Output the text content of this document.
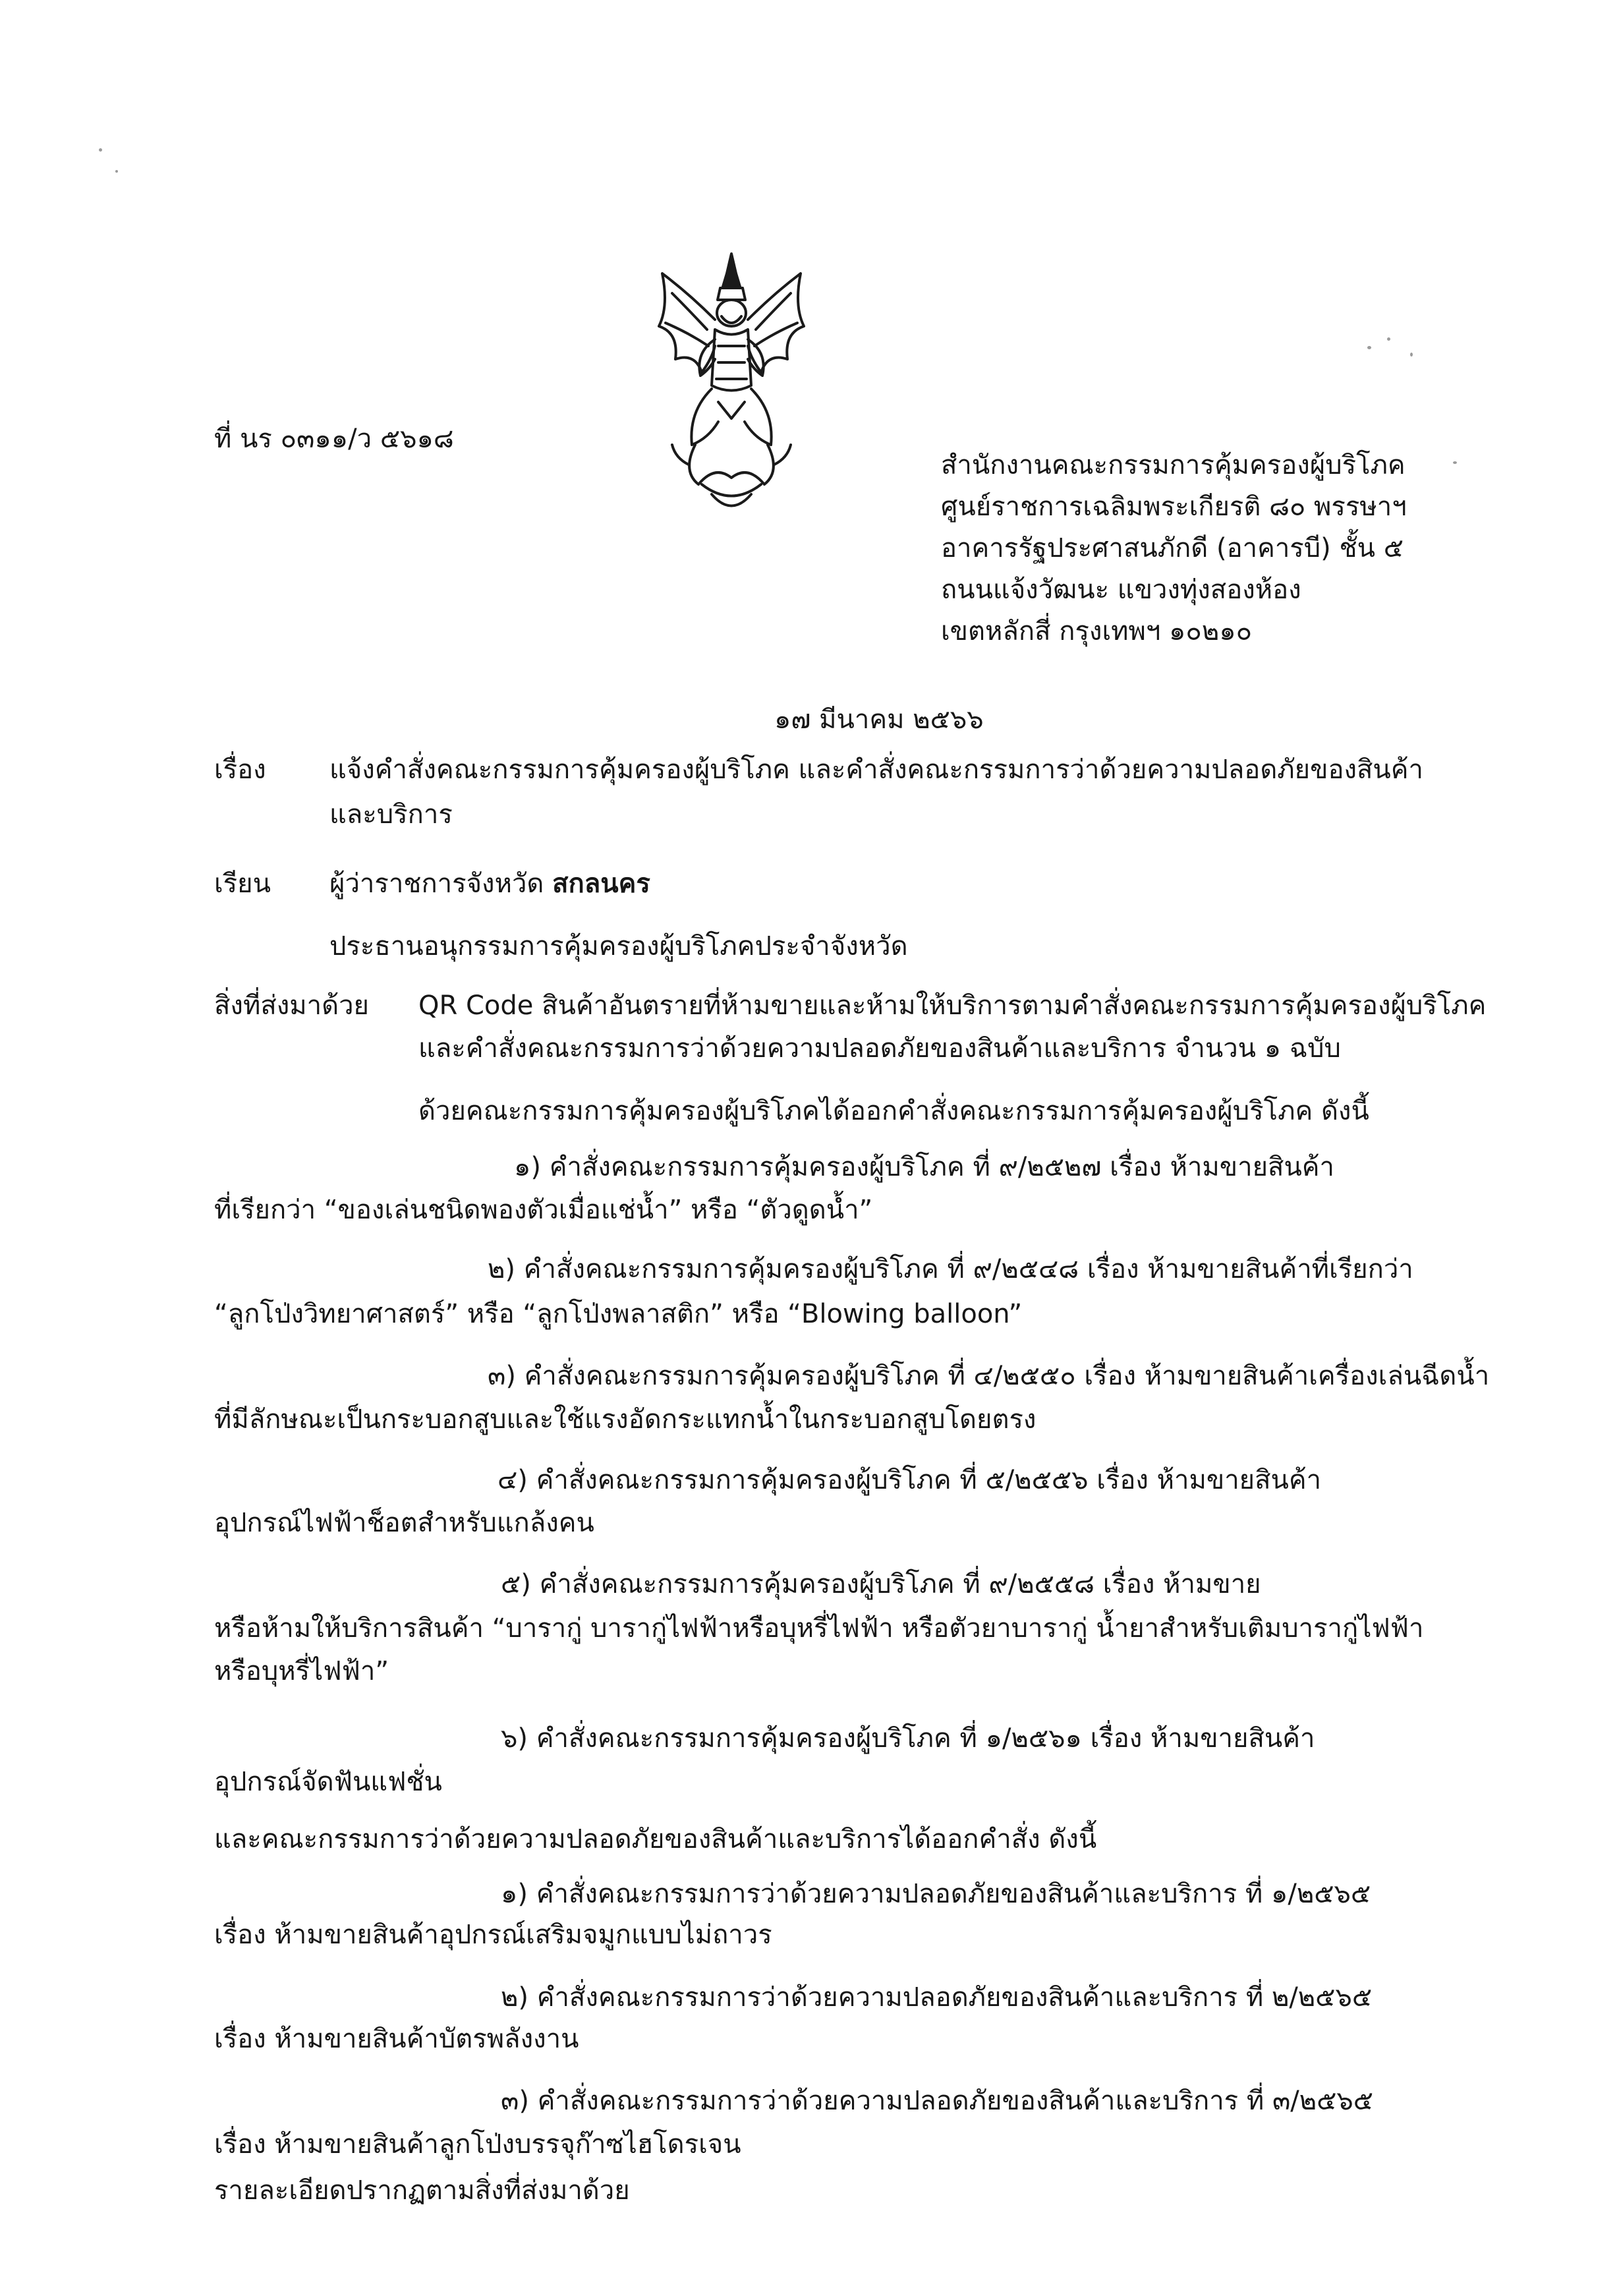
ที่ นร ๐๓๑๑/ว ๕๖๑๘
สำนักงานคณะกรรมการคุ้มครองผู้บริโภค
ศูนย์ราชการเฉลิมพระเกียรติ ๘๐ พรรษาฯ
อาคารรัฐประศาสนภักดี (อาคารบี) ชั้น ๕
ถนนแจ้งวัฒนะ แขวงทุ่งสองห้อง
เขตหลักสี่ กรุงเทพฯ ๑๐๒๑๐
๑๗ มีนาคม ๒๕๖๖
เรื่อง แจ้งคำสั่งคณะกรรมการคุ้มครองผู้บริโภค และคำสั่งคณะกรรมการว่าด้วยความปลอดภัยของสินค้า
และบริการ
เรียน ผู้ว่าราชการจังหวัด สกลนคร
ประธานอนุกรรมการคุ้มครองผู้บริโภคประจำจังหวัด
สิ่งที่ส่งมาด้วย QR Code สินค้าอันตรายที่ห้ามขายและห้ามให้บริการตามคำสั่งคณะกรรมการคุ้มครองผู้บริโภค
และคำสั่งคณะกรรมการว่าด้วยความปลอดภัยของสินค้าและบริการ จำนวน ๑ ฉบับ
ด้วยคณะกรรมการคุ้มครองผู้บริโภคได้ออกคำสั่งคณะกรรมการคุ้มครองผู้บริโภค ดังนี้
๑) คำสั่งคณะกรรมการคุ้มครองผู้บริโภค ที่ ๙/๒๕๒๗ เรื่อง ห้ามขายสินค้า
ที่เรียกว่า “ของเล่นชนิดพองตัวเมื่อแช่น้ำ” หรือ “ตัวดูดน้ำ”
๒) คำสั่งคณะกรรมการคุ้มครองผู้บริโภค ที่ ๙/๒๕๔๘ เรื่อง ห้ามขายสินค้าที่เรียกว่า
“ลูกโป่งวิทยาศาสตร์” หรือ “ลูกโป่งพลาสติก” หรือ “Blowing balloon”
๓) คำสั่งคณะกรรมการคุ้มครองผู้บริโภค ที่ ๔/๒๕๕๐ เรื่อง ห้ามขายสินค้าเครื่องเล่นฉีดน้ำ
ที่มีลักษณะเป็นกระบอกสูบและใช้แรงอัดกระแทกน้ำในกระบอกสูบโดยตรง
๔) คำสั่งคณะกรรมการคุ้มครองผู้บริโภค ที่ ๕/๒๕๕๖ เรื่อง ห้ามขายสินค้า
อุปกรณ์ไฟฟ้าช็อตสำหรับแกล้งคน
๕) คำสั่งคณะกรรมการคุ้มครองผู้บริโภค ที่ ๙/๒๕๕๘ เรื่อง ห้ามขาย
หรือห้ามให้บริการสินค้า “บารากู่ บารากู่ไฟฟ้าหรือบุหรี่ไฟฟ้า หรือตัวยาบารากู่ น้ำยาสำหรับเติมบารากู่ไฟฟ้า
หรือบุหรี่ไฟฟ้า”
๖) คำสั่งคณะกรรมการคุ้มครองผู้บริโภค ที่ ๑/๒๕๖๑ เรื่อง ห้ามขายสินค้า
อุปกรณ์จัดฟันแฟชั่น
และคณะกรรมการว่าด้วยความปลอดภัยของสินค้าและบริการได้ออกคำสั่ง ดังนี้
๑) คำสั่งคณะกรรมการว่าด้วยความปลอดภัยของสินค้าและบริการ ที่ ๑/๒๕๖๕
เรื่อง ห้ามขายสินค้าอุปกรณ์เสริมจมูกแบบไม่ถาวร
๒) คำสั่งคณะกรรมการว่าด้วยความปลอดภัยของสินค้าและบริการ ที่ ๒/๒๕๖๕
เรื่อง ห้ามขายสินค้าบัตรพลังงาน
๓) คำสั่งคณะกรรมการว่าด้วยความปลอดภัยของสินค้าและบริการ ที่ ๓/๒๕๖๕
เรื่อง ห้ามขายสินค้าลูกโป่งบรรจุก๊าซไฮโดรเจน
รายละเอียดปรากฏตามสิ่งที่ส่งมาด้วย
